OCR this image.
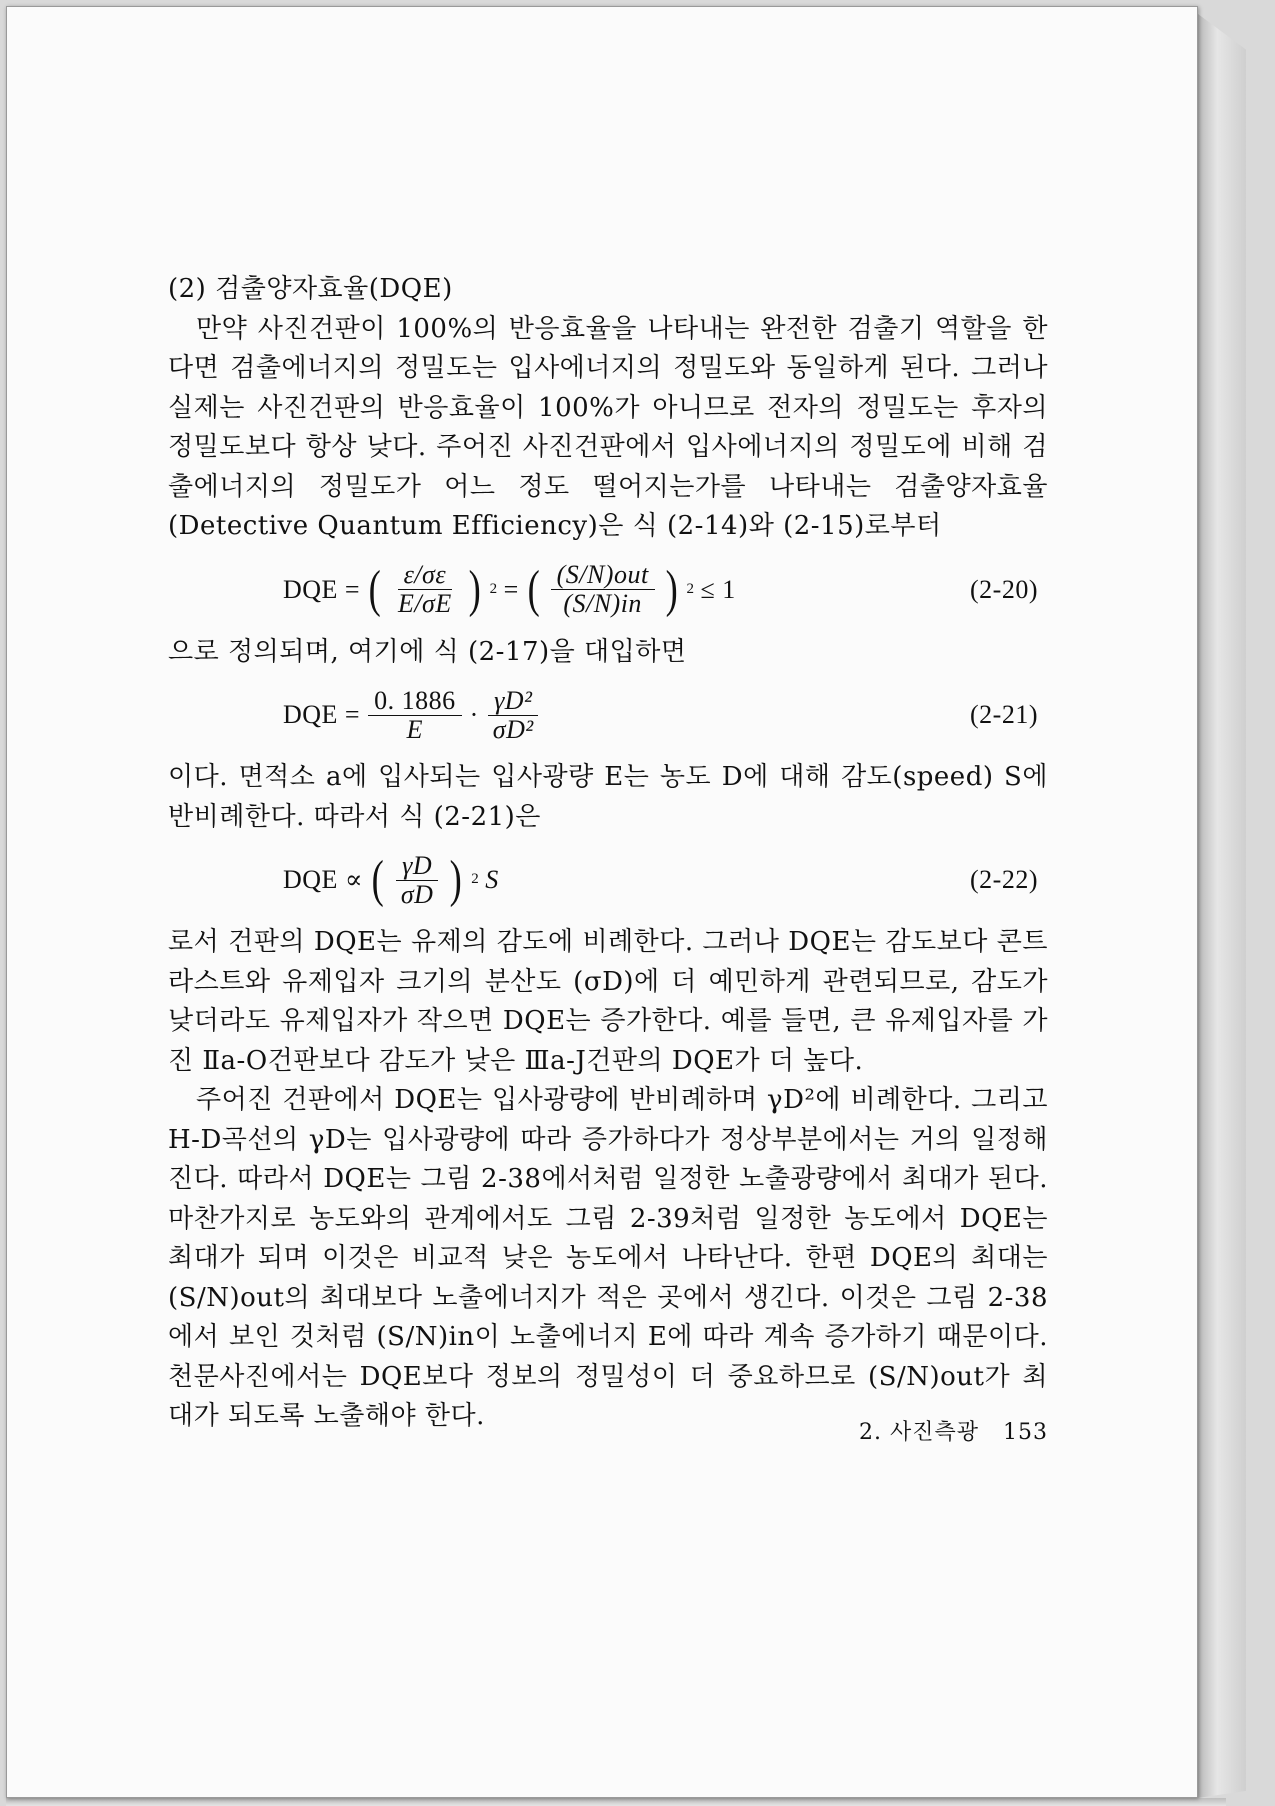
(2) 검출양자효율(DQE)

만약 사진건판이 100%의 반응효율을 나타내는 완전한 검출기 역할을 한다면 검출에너지의 정밀도는 입사에너지의 정밀도와 동일하게 된다. 그러나 실제는 사진건판의 반응효율이 100%가 아니므로 전자의 정밀도는 후자의 정밀도보다 항상 낮다. 주어진 사진건판에서 입사에너지의 정밀도에 비해 검출에너지의 정밀도가 어느 정도 떨어지는가를 나타내는 검출양자효율(Detective Quantum Efficiency)은 식 (2-14)와 (2-15)로부터

DQE = ( $\frac{\varepsilon/\sigma\varepsilon}{E/\sigma E}$ ) 2 = ( $\frac{\text{(S/N)out}}{(S/N)in}$ ) 2 ≤ 1	(2-20)

으로 정의되며, 여기에 식 (2-17)을 대입하면

DQE = $\frac{0. 1886}{E} \cdot \frac{\text{γD²}}{\text{σD²}}$	(2-21)

이다. 면적소 a에 입사되는 입사광량 E는 농도 D에 대해 감도(speed) S에 반비례한다. 따라서 식 (2-21)은

DQE ∝ ( $\frac{\gamma D}{\sigma D}$ ) 2 S	(2-22)

로서 건판의 DQE는 유제의 감도에 비례한다. 그러나 DQE는 감도보다 콘트라스트와 유제입자 크기의 분산도 (σD)에 더 예민하게 관련되므로, 감도가 낮더라도 유제입자가 작으면 DQE는 증가한다. 예를 들면, 큰 유제입자를 가진 Ⅱa-O건판보다 감도가 낮은 Ⅲa-J건판의 DQE가 더 높다.

주어진 건판에서 DQE는 입사광량에 반비례하며 γD²에 비례한다. 그리고 H-D곡선의 γD는 입사광량에 따라 증가하다가 정상부분에서는 거의 일정해진다. 따라서 DQE는 그림 2-38에서처럼 일정한 노출광량에서 최대가 된다. 마찬가지로 농도와의 관계에서도 그림 2-39처럼 일정한 농도에서 DQE는 최대가 되며 이것은 비교적 낮은 농도에서 나타난다. 한편 DQE의 최대는 (S/N)out의 최대보다 노출에너지가 적은 곳에서 생긴다. 이것은 그림 2-38에서 보인 것처럼 (S/N)in이 노출에너지 E에 따라 계속 증가하기 때문이다. 천문사진에서는 DQE보다 정보의 정밀성이 더 중요하므로 (S/N)out가 최대가 되도록 노출해야 한다.

2. 사진측광 153
